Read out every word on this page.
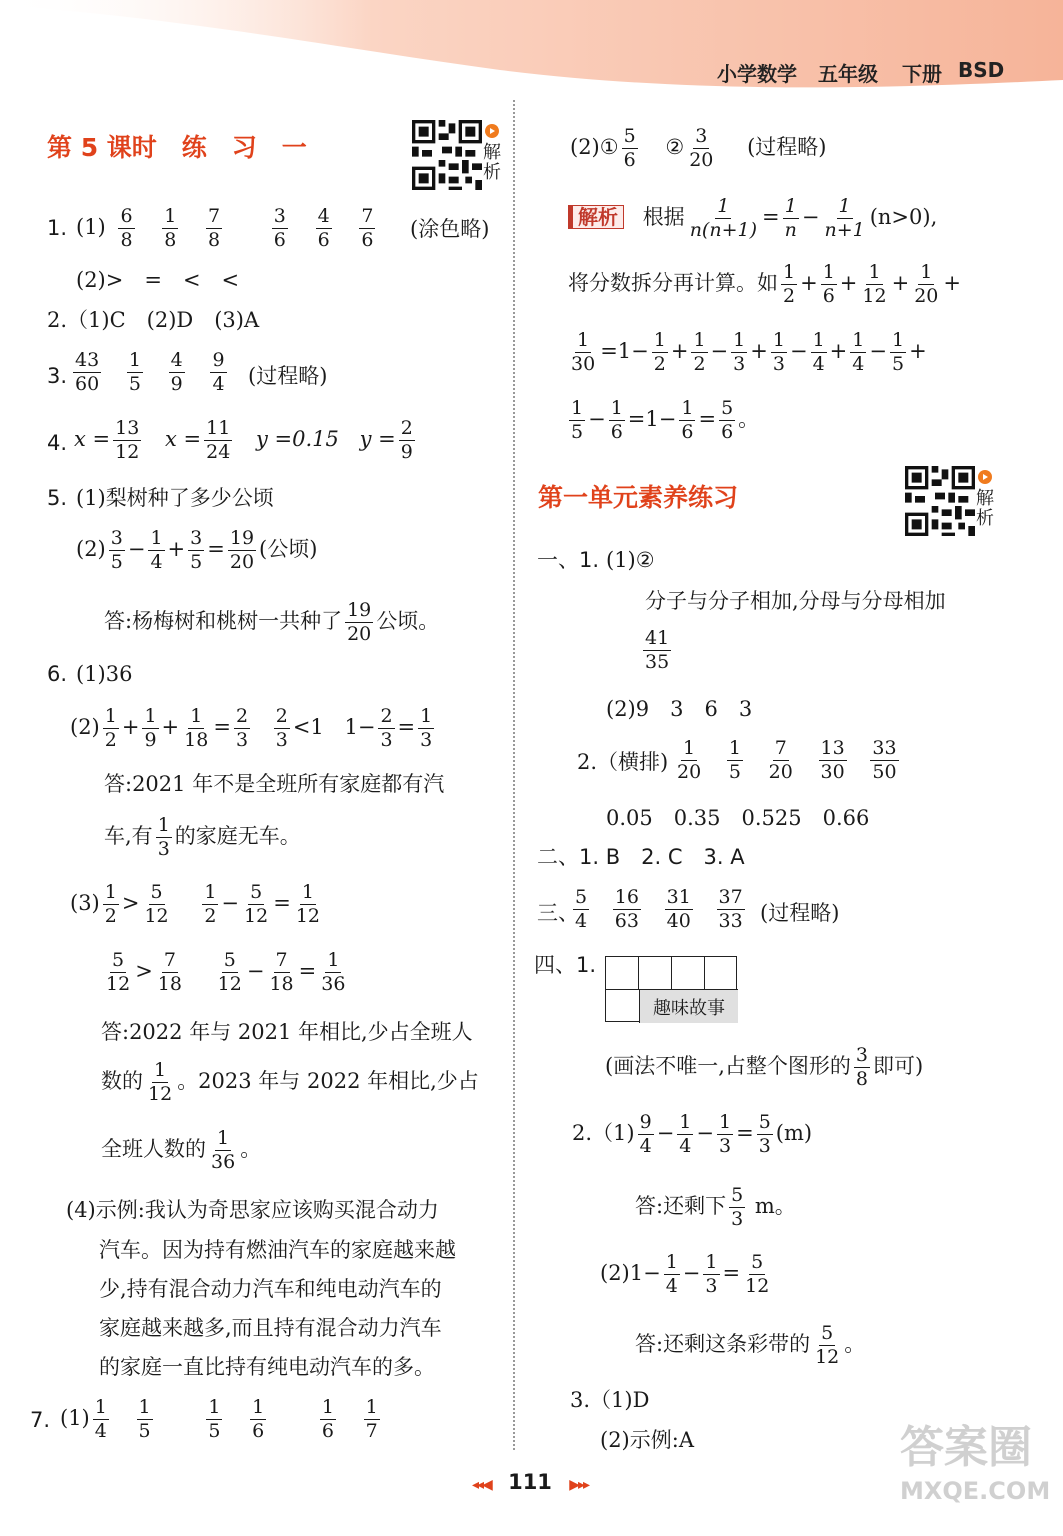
小学数学 五年级 下册 BSD
第 5 课时　练　习　一	解析
1. $(1) \frac{6}{8}$
$\frac{1}{8}$
$\frac{7}{8}$
	$\frac{3}{6}$
$\frac{4}{6}$
$\frac{7}{6}$ (涂色略)
(2)>　=　<　<
2.（1)C　(2)D　(3)A
3. $\frac{43}{60}$
$\frac{1}{5}$
$\frac{4}{9}$
$\frac{9}{4}$ (过程略)
4. $x = \frac{13}{12}$ $x = \frac{11}{24}$ y =0.15 $y = \frac{2}{9}$
5. (1)梨树种了多少公顷
$(2) \frac{3}{5} - \frac{1}{4} + \frac{3}{5} = \frac{19}{20}$ (公顷)
答:杨梅树和桃树一共种了 $\frac{19}{20}$ 公顷。
6. (1)36
$(2) \frac{1}{2} + \frac{1}{9} + \frac{1}{18} = \frac{2}{3}$
$\frac{2}{3} <1$ $1- \frac{2}{3} = \frac{1}{3}$
答:2021 年不是全班所有家庭都有汽
车,有 $\frac{1}{3}$ 的家庭无车。
$(3) \frac{1}{2} > \frac{5}{12}$
$\frac{1}{2} - \frac{5}{12} = \frac{1}{12}$
$\frac{5}{12} > \frac{7}{18}$
$\frac{5}{12} - \frac{7}{18} = \frac{1}{36}$
答:2022 年与 2021 年相比,少占全班人
数的 $\frac{1}{12}$ 。2023 年与 2022 年相比,少占
全班人数的 $\frac{1}{36}$ 。
(4)示例:我认为奇思家应该购买混合动力
汽车。因为持有燃油汽车的家庭越来越
少,持有混合动力汽车和纯电动汽车的
家庭越来越多,而且持有混合动力汽车
的家庭一直比持有纯电动汽车的多。
7. $(1) \frac{1}{4}$
$\frac{1}{5}$
	$\frac{1}{5}$
$\frac{1}{6}$
	$\frac{1}{6}$
$\frac{1}{7}$
(2)① $\frac{5}{6}$ ② $\frac{3}{20}$ (过程略)
解析 根据 $\frac{1}{n(n+1)} = \frac{1}{n} - \frac{1}{n+1} (n>0)$,
将分数拆分再计算。如 $\frac{1}{2} + \frac{1}{6} + \frac{1}{12} + \frac{1}{20}$ +
$\frac{1}{30} =1- \frac{1}{2} + \frac{1}{2} - \frac{1}{3} + \frac{1}{3} - \frac{1}{4} + \frac{1}{4} - \frac{1}{5}$ +
$\frac{1}{5} - \frac{1}{6} =1- \frac{1}{6} = \frac{5}{6}$ 。
第一单元素养练习	解析
一、1. (1)②
分子与分子相加,分母与分母相加
$\frac{41}{35}$
(2)9　3　6　3
2.（横排) $\frac{1}{20}$
$\frac{1}{5}$
$\frac{7}{20}$
$\frac{13}{30}$
$\frac{33}{50}$
0.05　0.35　0.525　0.66
二、1. B　2. C　3. A
三、
$\frac{5}{4}$
$\frac{16}{63}$
$\frac{31}{40}$
$\frac{37}{33}$ (过程略)
四、1.
趣味故事
(画法不唯一,占整个图形的 $\frac{3}{8}$ 即可)
$2.(1) \frac{9}{4} - \frac{1}{4} - \frac{1}{3} = \frac{5}{3} (m)$
答:还剩下 $\frac{5}{3}$ m。
$(2)1- \frac{1}{4} - \frac{1}{3} = \frac{5}{12}$
答:还剩这条彩带的 $\frac{5}{12}$ 。
3.（1)D
(2)示例:A
◂◂◀ 111 ▶▸▸
答案圈
MXQE.COM
